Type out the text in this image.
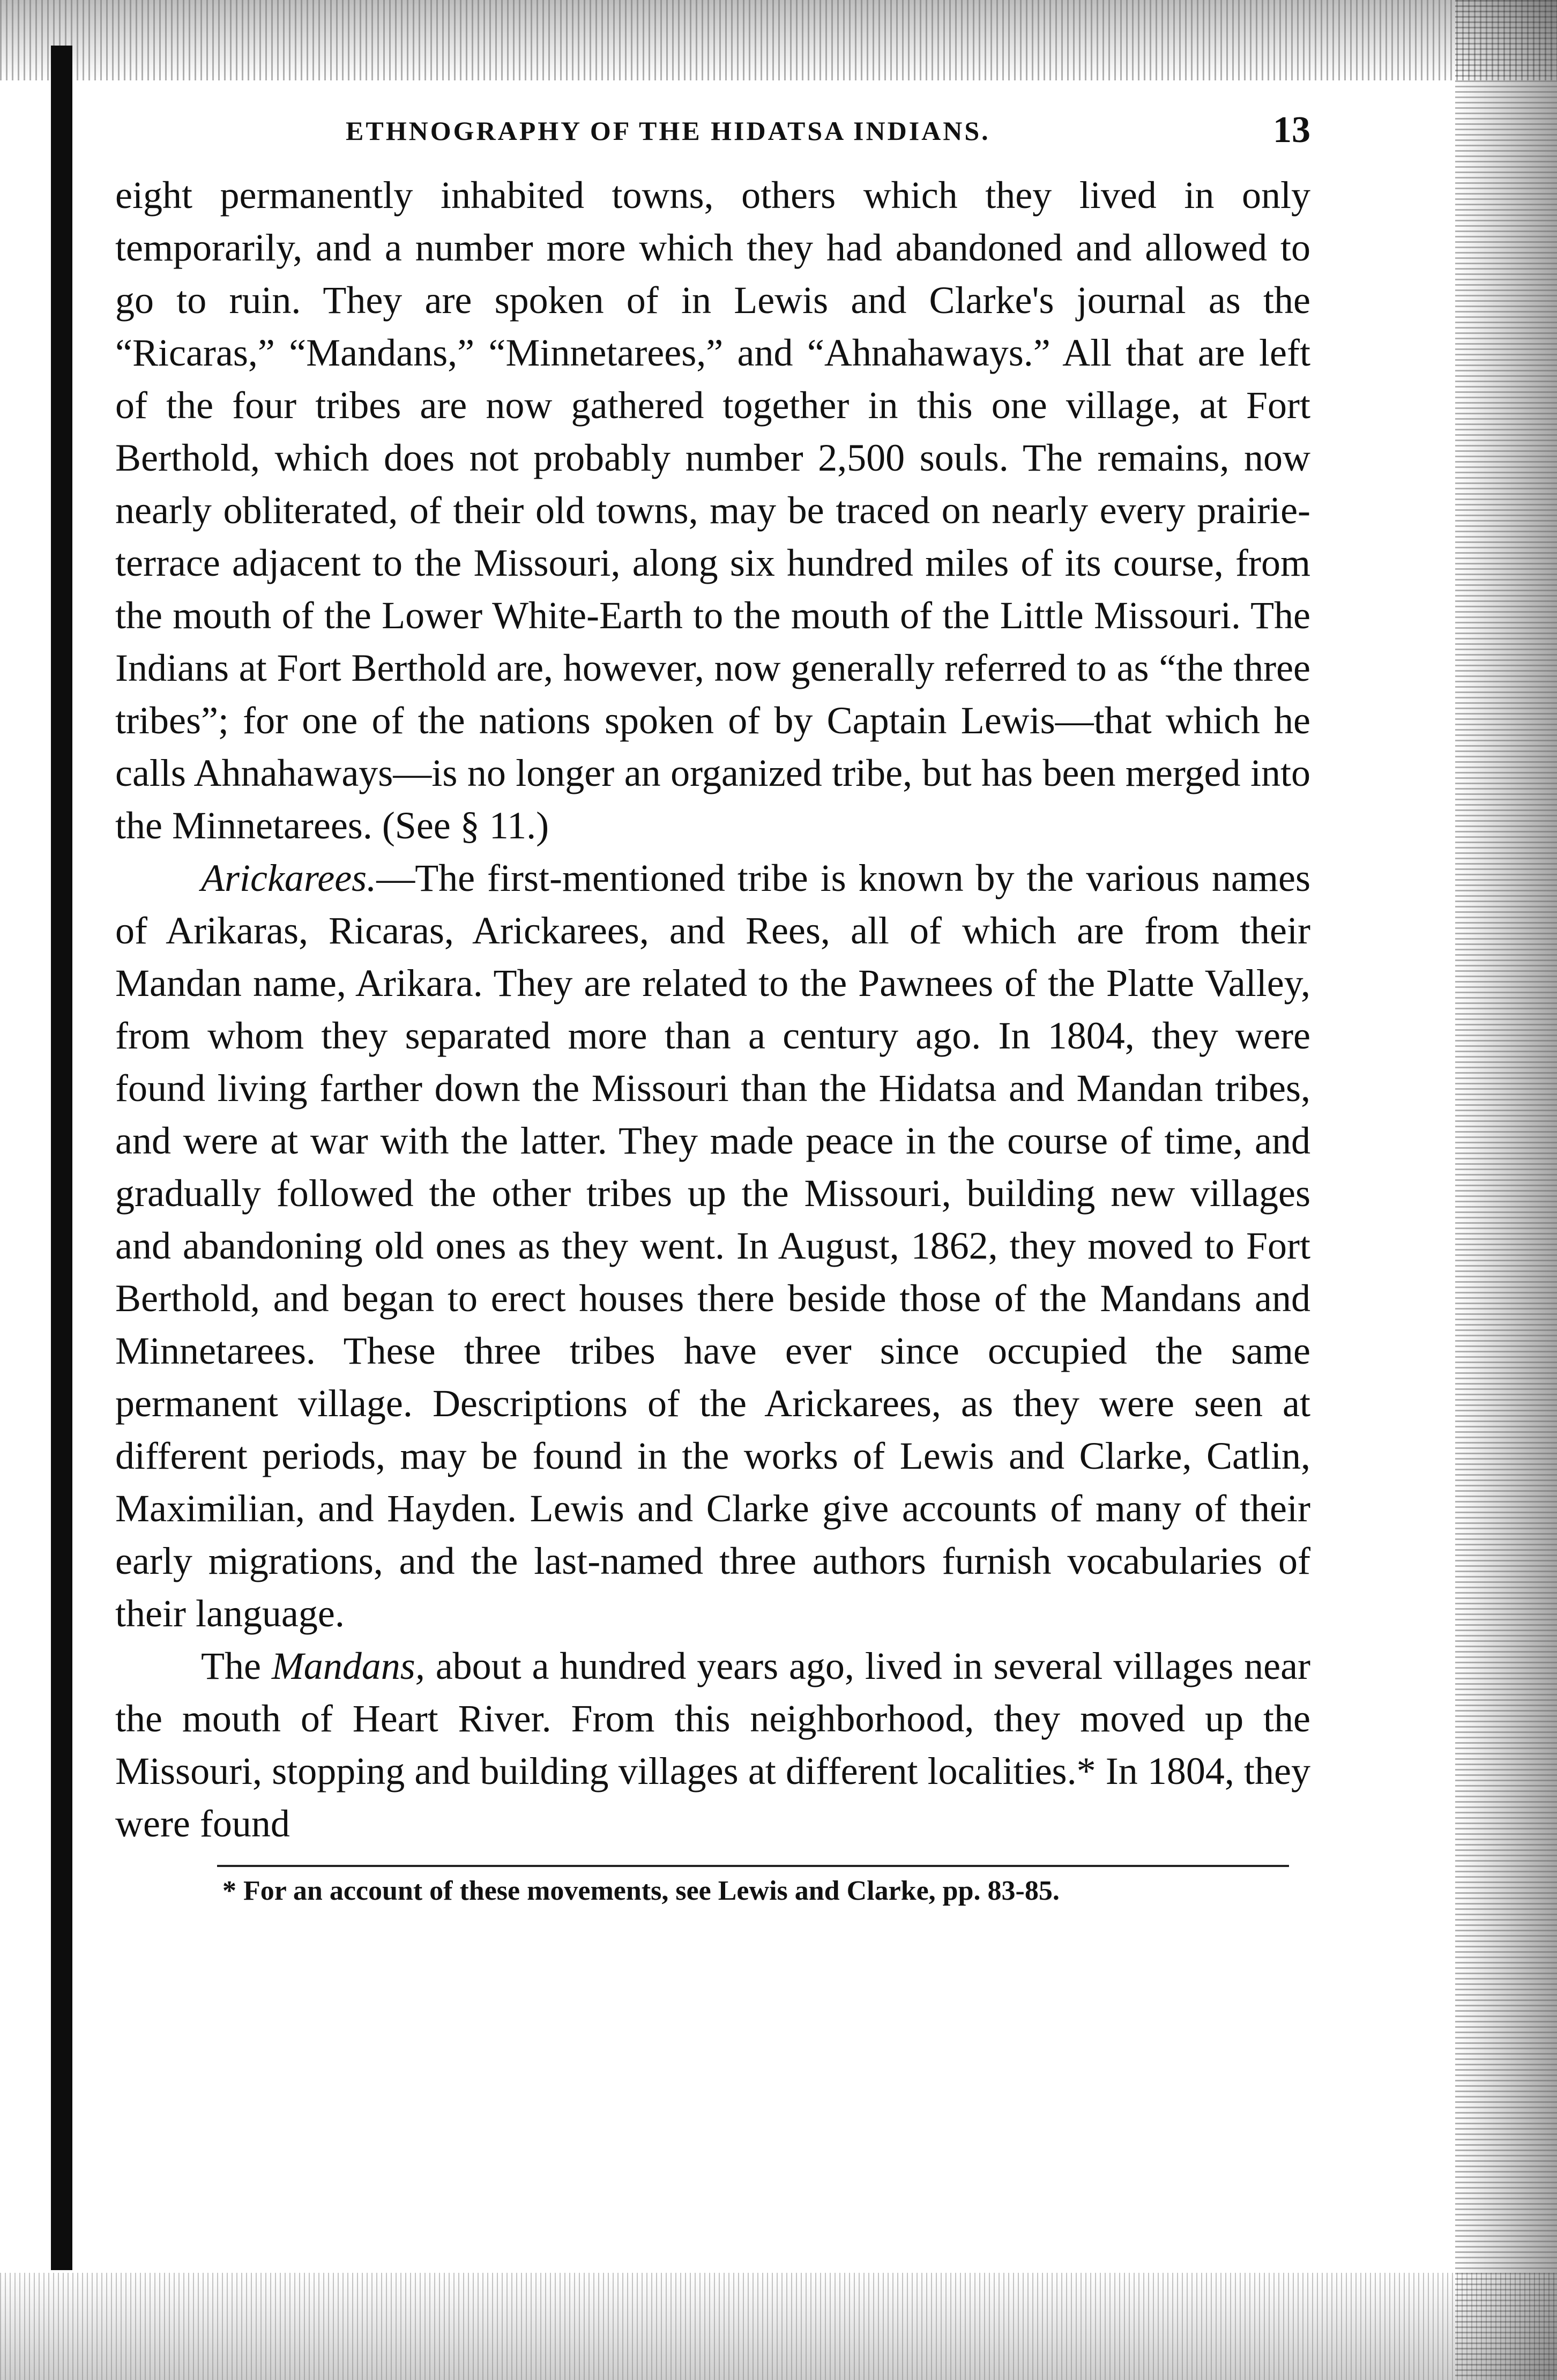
ETHNOGRAPHY OF THE HIDATSA INDIANS.	13

eight permanently inhabited towns, others which they lived in only temporarily, and a number more which they had abandoned and allowed to go to ruin. They are spoken of in Lewis and Clarke's journal as the “Ricaras,” “Mandans,” “Minnetarees,” and “Ahnahaways.” All that are left of the four tribes are now gathered together in this one village, at Fort Berthold, which does not probably number 2,500 souls. The remains, now nearly obliterated, of their old towns, may be traced on nearly every prairie-terrace adjacent to the Missouri, along six hundred miles of its course, from the mouth of the Lower White-Earth to the mouth of the Little Missouri. The Indians at Fort Berthold are, however, now generally referred to as “the three tribes”; for one of the nations spoken of by Captain Lewis—that which he calls Ahnahaways—is no longer an organized tribe, but has been merged into the Minnetarees. (See § 11.)

Arickarees.—The first-mentioned tribe is known by the various names of Arikaras, Ricaras, Arickarees, and Rees, all of which are from their Mandan name, Arikara. They are related to the Pawnees of the Platte Valley, from whom they separated more than a century ago. In 1804, they were found living farther down the Missouri than the Hidatsa and Mandan tribes, and were at war with the latter. They made peace in the course of time, and gradually followed the other tribes up the Missouri, building new villages and abandoning old ones as they went. In August, 1862, they moved to Fort Berthold, and began to erect houses there beside those of the Mandans and Minnetarees. These three tribes have ever since occupied the same permanent village. Descriptions of the Arickarees, as they were seen at different periods, may be found in the works of Lewis and Clarke, Catlin, Maximilian, and Hayden. Lewis and Clarke give accounts of many of their early migrations, and the last-named three authors furnish vocabularies of their language.

The Mandans, about a hundred years ago, lived in several villages near the mouth of Heart River. From this neighborhood, they moved up the Missouri, stopping and building villages at different localities.* In 1804, they were found

* For an account of these movements, see Lewis and Clarke, pp. 83-85.
